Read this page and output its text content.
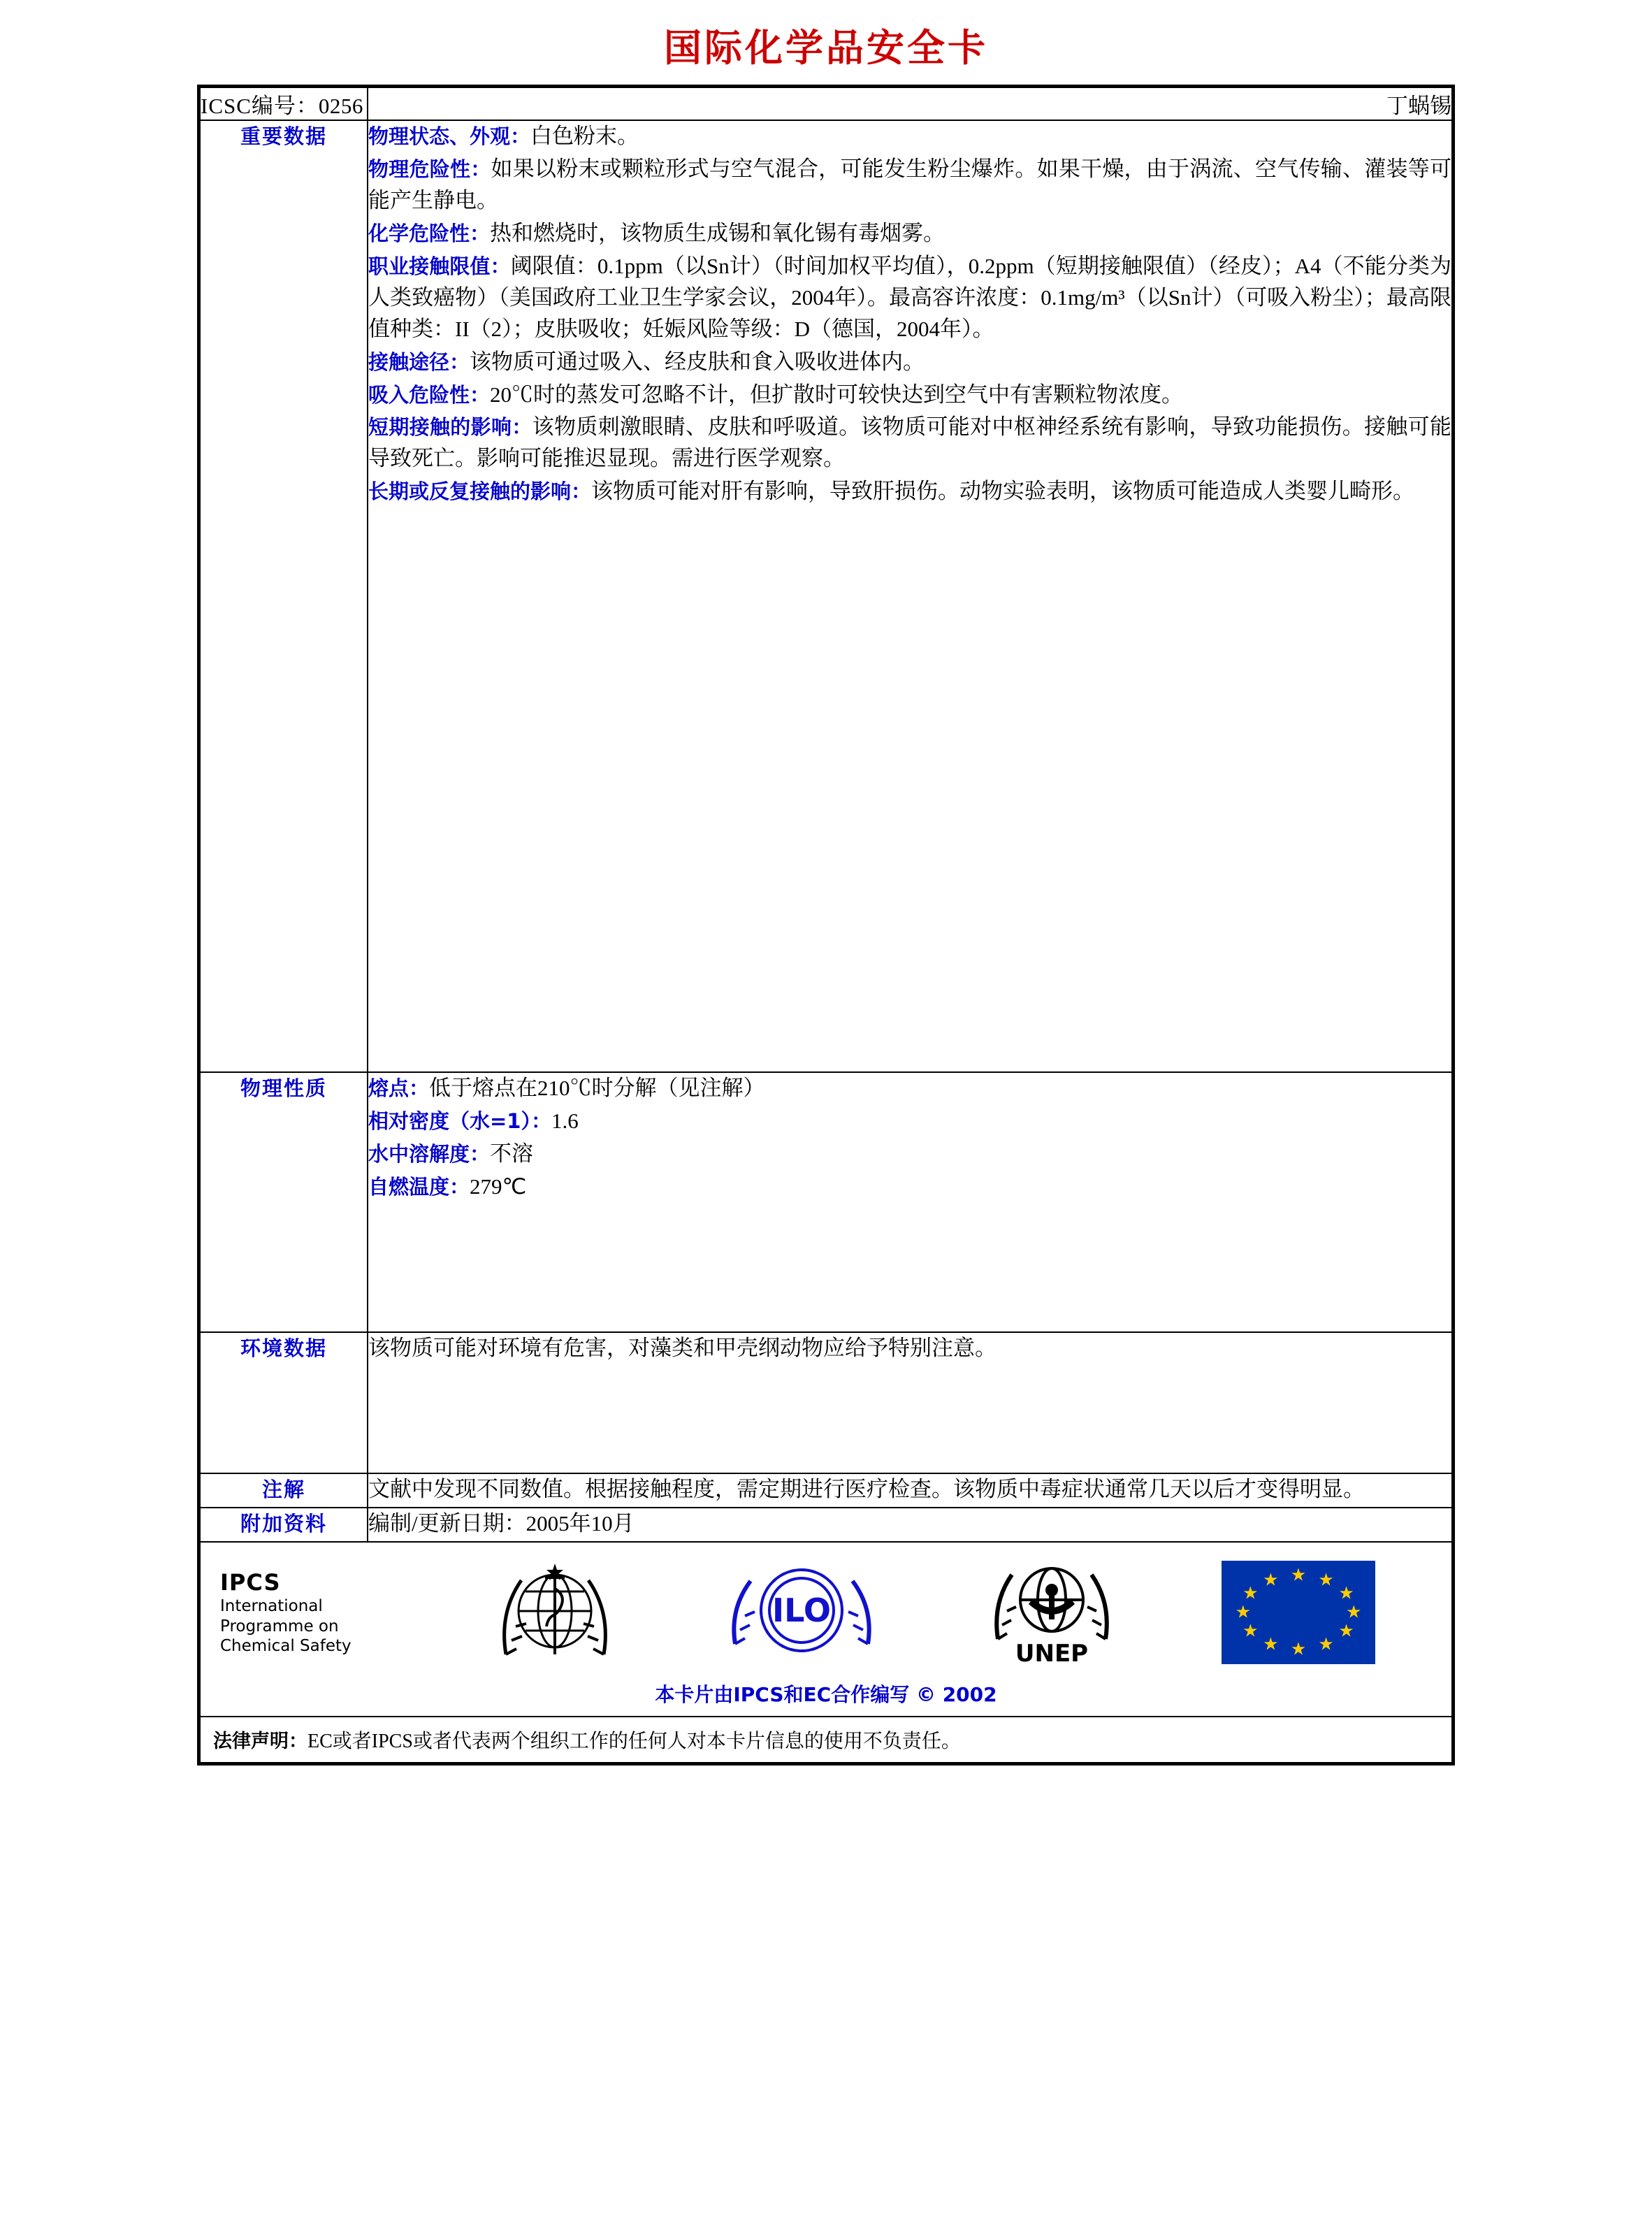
国际化学品安全卡
ICSC编号：0256	丁蜗锡
重要数据	物理状态、外观：白色粉末。
物理危险性：如果以粉末或颗粒形式与空气混合，可能发生粉尘爆炸。如果干燥，由于涡流、空气传输、灌装等可能产生静电。
化学危险性：热和燃烧时，该物质生成锡和氧化锡有毒烟雾。
职业接触限值：阈限值：0.1ppm（以Sn计）（时间加权平均值），0.2ppm（短期接触限值）（经皮）；A4（不能分类为人类致癌物）（美国政府工业卫生学家会议，2004年）。最高容许浓度：0.1mg/m³（以Sn计）（可吸入粉尘）；最高限值种类：II（2）；皮肤吸收；妊娠风险等级：D（德国，2004年）。
接触途径：该物质可通过吸入、经皮肤和食入吸收进体内。
吸入危险性：20℃时的蒸发可忽略不计，但扩散时可较快达到空气中有害颗粒物浓度。
短期接触的影响：该物质刺激眼睛、皮肤和呼吸道。该物质可能对中枢神经系统有影响，导致功能损伤。接触可能导致死亡。影响可能推迟显现。需进行医学观察。
长期或反复接触的影响：该物质可能对肝有影响，导致肝损伤。动物实验表明，该物质可能造成人类婴儿畸形。

物理性质	熔点：低于熔点在210℃时分解（见注解）
相对密度（水=1）：1.6
水中溶解度：不溶
自燃温度：279℃

环境数据	该物质可能对环境有危害，对藻类和甲壳纲动物应给予特别注意。

注解	文献中发现不同数值。根据接触程度，需定期进行医疗检查。该物质中毒症状通常几天以后才变得明显。

附加资料	编制/更新日期：2005年10月

IPCS
International
Programme on
Chemical Safety
ILO
UNEP
★ ★
★
★
★
★
★
★
★
★
★
★
本卡片由IPCS和EC合作编写 © 2002

法律声明：EC或者IPCS或者代表两个组织工作的任何人对本卡片信息的使用不负责任。	
